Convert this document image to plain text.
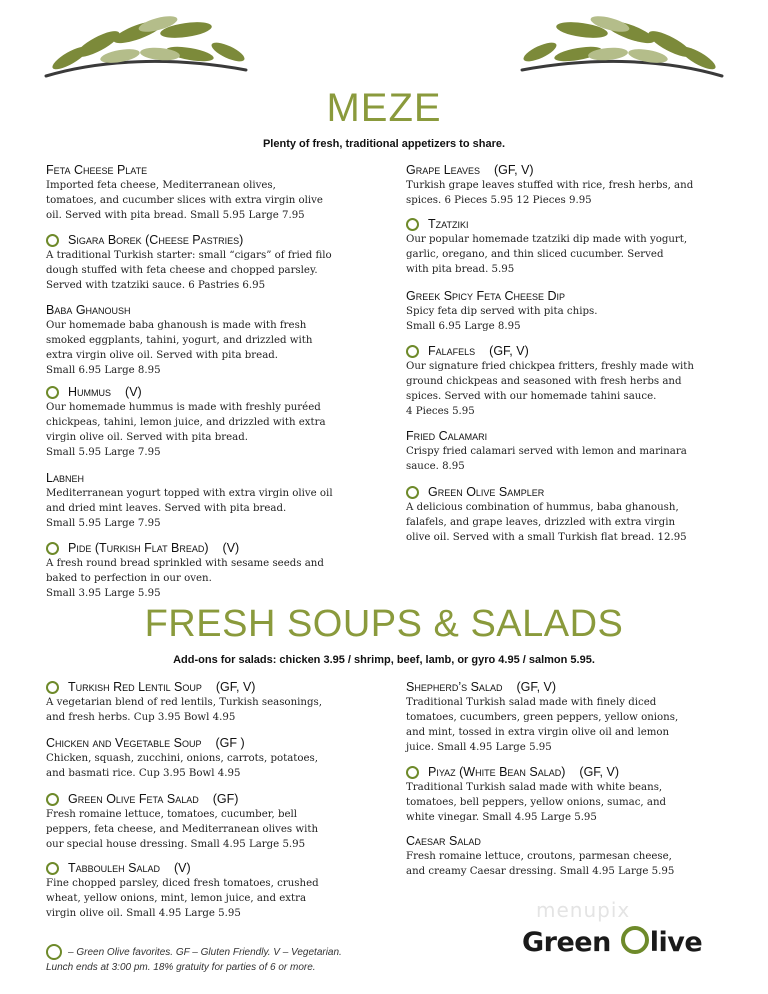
MEZE
Plenty of fresh, traditional appetizers to share.
Feta Cheese Plate
Imported feta cheese, Mediterranean olives,
tomatoes, and cucumber slices with extra virgin olive
oil. Served with pita bread. Small 5.95 Large 7.95
Sigara Borek (Cheese Pastries)
A traditional Turkish starter: small “cigars” of fried filo
dough stuffed with feta cheese and chopped parsley.
Served with tzatziki sauce. 6 Pastries 6.95
Baba Ghanoush
Our homemade baba ghanoush is made with fresh
smoked eggplants, tahini, yogurt, and drizzled with
extra virgin olive oil. Served with pita bread.
Small 6.95 Large 8.95
Hummus (V)
Our homemade hummus is made with freshly puréed
chickpeas, tahini, lemon juice, and drizzled with extra
virgin olive oil. Served with pita bread.
Small 5.95 Large 7.95
Labneh
Mediterranean yogurt topped with extra virgin olive oil
and dried mint leaves. Served with pita bread.
Small 5.95 Large 7.95
Pide (Turkish Flat Bread) (V)
A fresh round bread sprinkled with sesame seeds and
baked to perfection in our oven.
Small 3.95 Large 5.95
Grape Leaves (GF, V)
Turkish grape leaves stuffed with rice, fresh herbs, and
spices. 6 Pieces 5.95 12 Pieces 9.95
Tzatziki
Our popular homemade tzatziki dip made with yogurt,
garlic, oregano, and thin sliced cucumber. Served
with pita bread. 5.95
Greek Spicy Feta Cheese Dip
Spicy feta dip served with pita chips.
Small 6.95 Large 8.95
Falafels (GF, V)
Our signature fried chickpea fritters, freshly made with
ground chickpeas and seasoned with fresh herbs and
spices. Served with our homemade tahini sauce.
4 Pieces 5.95
Fried Calamari
Crispy fried calamari served with lemon and marinara
sauce. 8.95
Green Olive Sampler
A delicious combination of hummus, baba ghanoush,
falafels, and grape leaves, drizzled with extra virgin
olive oil. Served with a small Turkish flat bread. 12.95
FRESH SOUPS & SALADS
Add-ons for salads: chicken 3.95 / shrimp, beef, lamb, or gyro 4.95 / salmon 5.95.
Turkish Red Lentil Soup (GF, V)
A vegetarian blend of red lentils, Turkish seasonings,
and fresh herbs. Cup 3.95 Bowl 4.95
Chicken and Vegetable Soup (GF )
Chicken, squash, zucchini, onions, carrots, potatoes,
and basmati rice. Cup 3.95 Bowl 4.95
Green Olive Feta Salad (GF)
Fresh romaine lettuce, tomatoes, cucumber, bell
peppers, feta cheese, and Mediterranean olives with
our special house dressing. Small 4.95 Large 5.95
Tabbouleh Salad (V)
Fine chopped parsley, diced fresh tomatoes, crushed
wheat, yellow onions, mint, lemon juice, and extra
virgin olive oil. Small 4.95 Large 5.95
Shepherd’s Salad (GF, V)
Traditional Turkish salad made with finely diced
tomatoes, cucumbers, green peppers, yellow onions,
and mint, tossed in extra virgin olive oil and lemon
juice. Small 4.95 Large 5.95
Piyaz (White Bean Salad) (GF, V)
Traditional Turkish salad made with white beans,
tomatoes, bell peppers, yellow onions, sumac, and
white vinegar. Small 4.95 Large 5.95
Caesar Salad
Fresh romaine lettuce, croutons, parmesan cheese,
and creamy Caesar dressing. Small 4.95 Large 5.95
– Green Olive favorites. GF – Gluten Friendly. V – Vegetarian.
Lunch ends at 3:00 pm. 18% gratuity for parties of 6 or more.
menupix
Green live
